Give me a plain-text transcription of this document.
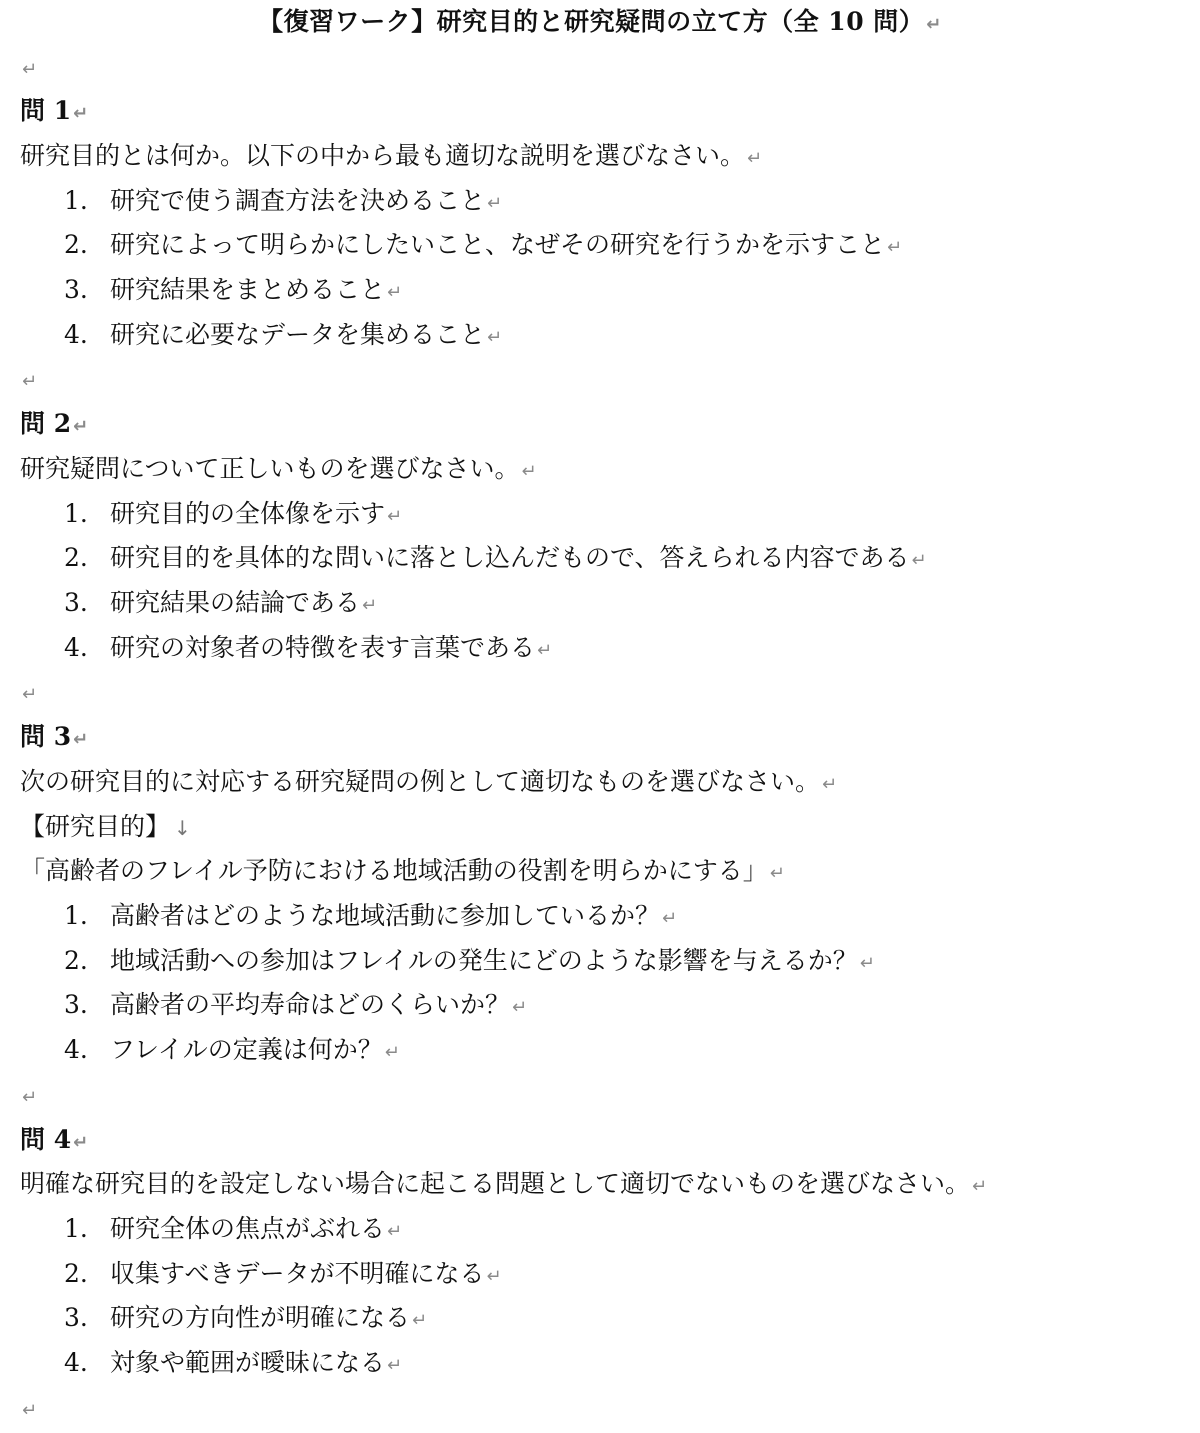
【復習ワーク】研究目的と研究疑問の立て方（全 10 問） ↵
↵
問 1 ↵
研究目的とは何か。以下の中から最も適切な説明を選びなさい。 ↵
1. 研究で使う調査方法を決めること ↵
2. 研究によって明らかにしたいこと、なぜその研究を行うかを示すこと ↵
3. 研究結果をまとめること ↵
4. 研究に必要なデータを集めること ↵
↵
問 2 ↵
研究疑問について正しいものを選びなさい。 ↵
1. 研究目的の全体像を示す ↵
2. 研究目的を具体的な問いに落とし込んだもので、答えられる内容である ↵
3. 研究結果の結論である ↵
4. 研究の対象者の特徴を表す言葉である ↵
↵
問 3 ↵
次の研究目的に対応する研究疑問の例として適切なものを選びなさい。 ↵
【研究目的】 ↓
「高齢者のフレイル予防における地域活動の役割を明らかにする」 ↵
1. 高齢者はどのような地域活動に参加しているか？ ↵
2. 地域活動への参加はフレイルの発生にどのような影響を与えるか？ ↵
3. 高齢者の平均寿命はどのくらいか？ ↵
4. フレイルの定義は何か？ ↵
↵
問 4 ↵
明確な研究目的を設定しない場合に起こる問題として適切でないものを選びなさい。 ↵
1. 研究全体の焦点がぶれる ↵
2. 収集すべきデータが不明確になる ↵
3. 研究の方向性が明確になる ↵
4. 対象や範囲が曖昧になる ↵
↵
